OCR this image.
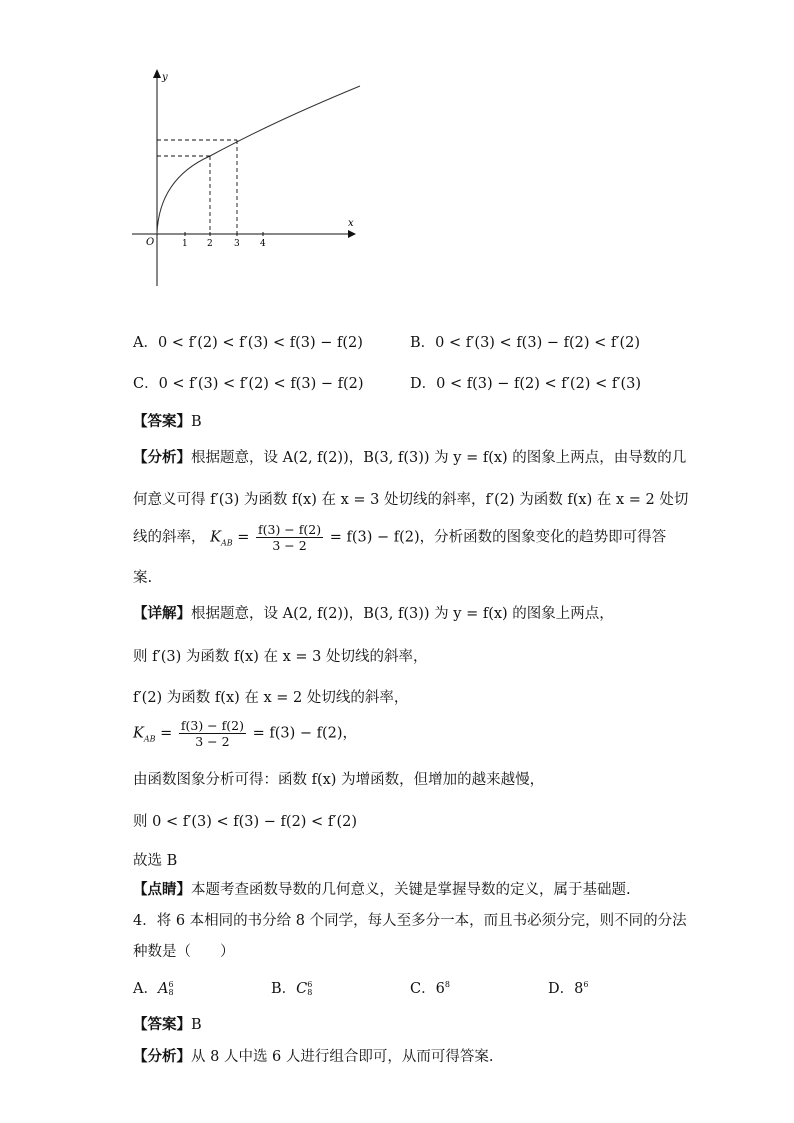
y
x
O	1 2 3 4
A．0 < f′(2) < f′(3) < f(3) − f(2)	B．0 < f′(3) < f(3) − f(2) < f′(2)
C．0 < f′(3) < f′(2) < f(3) − f(2)	D．0 < f(3) − f(2) < f′(2) < f′(3)
【答案】B
【分析】根据题意，设 A(2, f(2))，B(3, f(3)) 为 y = f(x) 的图象上两点，由导数的几
何意义可得 f′(3) 为函数 f(x) 在 x = 3 处切线的斜率，f′(2) 为函数 f(x) 在 x = 2 处切
线的斜率， $K_{AB} = \frac{f(3) - f(2)}{3 - 2} = f(3) - f(2)$，分析函数的图象变化的趋势即可得答
案.
【详解】根据题意，设 A(2, f(2))，B(3, f(3)) 为 y = f(x) 的图象上两点，
则 f′(3) 为函数 f(x) 在 x = 3 处切线的斜率，
f′(2) 为函数 f(x) 在 x = 2 处切线的斜率，
$K_{AB} = \frac{f(3) - f(2)}{3 - 2} = f(3) - f(2)$，
由函数图象分析可得：函数 f(x) 为增函数，但增加的越来越慢，
则 0 < f′(3) < f(3) − f(2) < f′(2)
故选 B
【点睛】本题考查函数导数的几何意义，关键是掌握导数的定义，属于基础题.
4．将 6 本相同的书分给 8 个同学，每人至多分一本，而且书必须分完，则不同的分法
种数是（　　）
A．A 6
8	B．C 6
8	C．$6^8$	D．$8^6$
【答案】B
【分析】从 8 人中选 6 人进行组合即可，从而可得答案.
